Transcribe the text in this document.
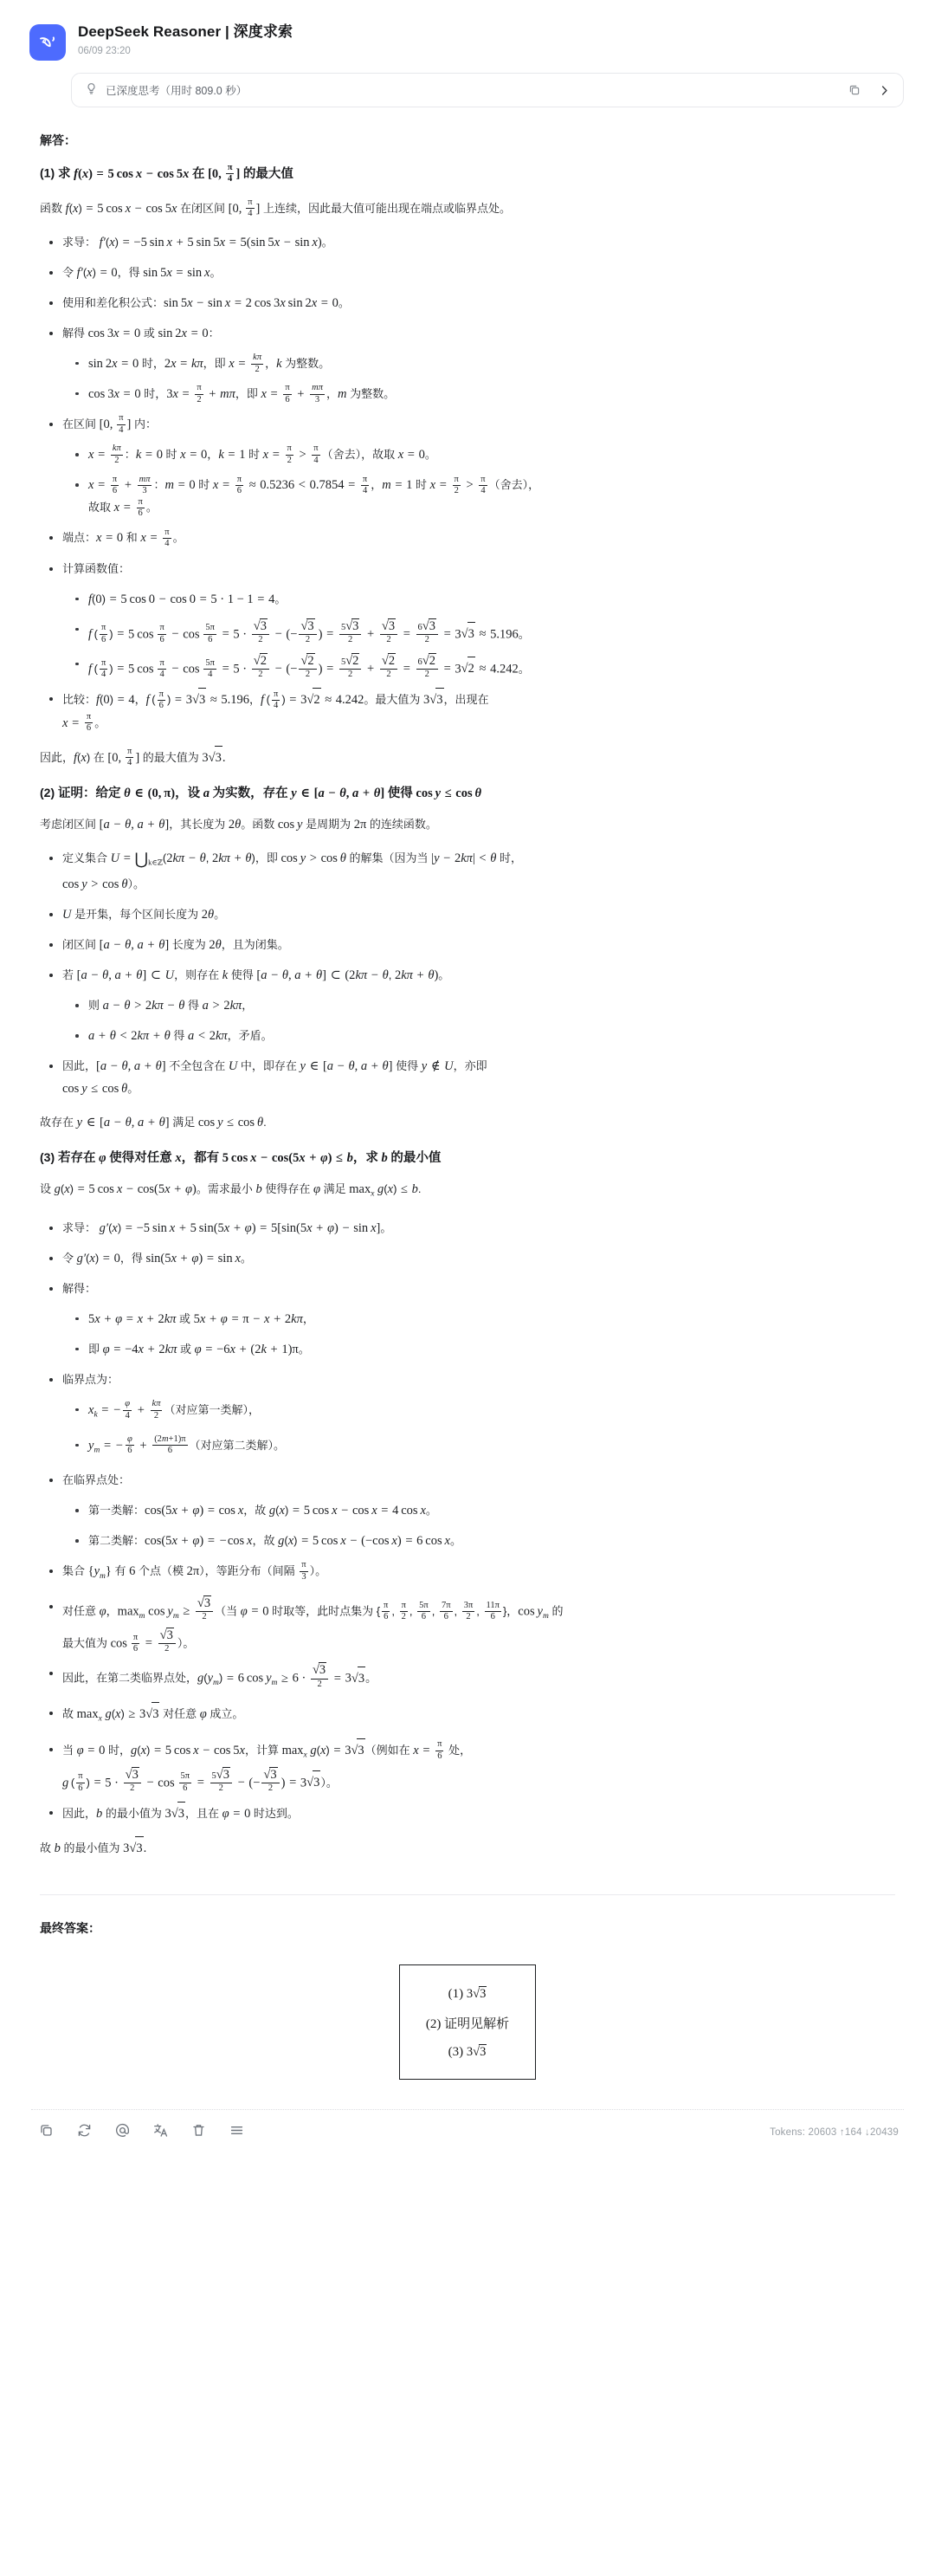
DeepSeek Reasoner | 深度求索
06/09 23:20
已深度思考（用时 809.0 秒）
解答：
(1) 求 f(x) = 5 cos x − cos 5x 在 [0,  $\frac{\pi}{4}$ ] 的最大值
函数 f(x) = 5 cos x − cos 5x 在闭区间 [0,  $\frac{\pi}{4}$ ] 上连续，因此最大值可能出现在端点或临界点处。
求导： f′(x) = −5 sin x + 5 sin 5x = 5(sin 5x − sin x)。
令 f′(x) = 0，得 sin 5x = sin x。
使用和差化积公式：sin 5x − sin x = 2 cos 3x sin 2x = 0。
解得 cos 3x = 0 或 sin 2x = 0：
sin 2x = 0 时，2x = kπ，即 $x = \frac{k\pi}{2}$ ，k 为整数。
cos 3x = 0 时，$3x = \frac{\pi}{2} + m\pi$，即 $x = \frac{\pi}{6} + \frac{m\pi}{3}$ ，m 为整数。
在区间 [0,  $\frac{\pi}{4}$ ] 内：
$x = \frac{k\pi}{2}$ ：k = 0 时 x = 0，k = 1 时 $x = \frac{\pi}{2} > \frac{\pi}{4}$ （舍去），故取 x = 0。
$x = \frac{\pi}{6} + \frac{m\pi}{3}$ ：m = 0 时 $x = \frac{\pi}{6} \approx 0.5236 < 0.7854 = \frac{\pi}{4}$ ，m = 1 时 $x = \frac{\pi}{2} > \frac{\pi}{4}$ （舍去），
故取 $x = \frac{\pi}{6}$ 。
端点：x = 0 和 $x = \frac{\pi}{4}$ 。
计算函数值：
f(0) = 5 cos 0 − cos 0 = 5 · 1 − 1 = 4。
f ( $\frac{\pi}{6}$ ) = 5 $\cos \frac{\pi}{6} - \cos \frac{5\pi}{6} = 5 \cdot \frac{√3}{2}$ − (− $\frac{√3}{2}$ ) = $\frac{5√3}{2} + \frac{√3}{2} = \frac{6√3}{2} = 3√3 \approx 5.196$。
f ( $\frac{\pi}{4}$ ) = 5 $\cos \frac{\pi}{4} - \cos \frac{5\pi}{4} = 5 \cdot \frac{√2}{2}$ − (− $\frac{√2}{2}$ ) = $\frac{5√2}{2} + \frac{√2}{2} = \frac{6√2}{2} = 3√2 \approx 4.242$。
比较：f(0) = 4，f ( $\frac{\pi}{6}$ ) = 3√3 ≈ 5.196，f ( $\frac{\pi}{4}$ ) = 3√2 ≈ 4.242。最大值为 3√3，出现在
$x = \frac{\pi}{6}$ 。
因此，f(x) 在 [0,  $\frac{\pi}{4}$ ] 的最大值为 3√3.
(2) 证明：给定 θ ∈ (0, π)，设 a 为实数，存在 y ∈ [a − θ, a + θ] 使得 cos y ≤ cos θ
考虑闭区间 [a − θ, a + θ]，其长度为 2θ。函数 cos y 是周期为 2π 的连续函数。
定义集合 $U = ⋃_{k\in ℤ}(2k\pi - \theta$, 2kπ + θ)，即 cos y > cos θ 的解集（因为当 |y − 2kπ| < θ 时，
cos y > cos θ）。
U 是开集，每个区间长度为 2θ。
闭区间 [a − θ, a + θ] 长度为 2θ，且为闭集。
若 [a − θ, a + θ] ⊂ U，则存在 k 使得 [a − θ, a + θ] ⊂ (2kπ − θ, 2kπ + θ)。
则 a − θ > 2kπ − θ 得 a > 2kπ，
a + θ < 2kπ + θ 得 a < 2kπ，矛盾。
因此，[a − θ, a + θ] 不全包含在 U 中，即存在 y ∈ [a − θ, a + θ] 使得 y ∉ U，亦即
cos y ≤ cos θ。
故存在 y ∈ [a − θ, a + θ] 满足 cos y ≤ cos θ.
(3) 若存在 φ 使得对任意 x，都有 5 cos x − cos(5x + φ) ≤ b，求 b 的最小值
设 g(x) = 5 cos x − cos(5x + φ)。需求最小 b 使得存在 φ 满足 $\max_x g(x) \le b$.
求导： g′(x) = −5 sin x + 5 sin(5x + φ) = 5[sin(5x + φ) − sin x]。
令 g′(x) = 0，得 sin(5x + φ) = sin x。
解得：
5x + φ = x + 2kπ 或 5x + φ = π − x + 2kπ，
即 φ = −4x + 2kπ 或 φ = −6x + (2k + 1)π。
临界点为：
$x_k$ = − $\frac{\varphi}{4} + \frac{k\pi}{2}$ （对应第一类解），
$y_m$ = − $\frac{\varphi}{6} + \frac{(2m+1)\pi}{6}$ （对应第二类解）。
在临界点处：
第一类解：cos(5x + φ) = cos x，故 g(x) = 5 cos x − cos x = 4 cos x。
第二类解：cos(5x + φ) = −cos x，故 g(x) = 5 cos x − (−cos x) = 6 cos x。
集合 $\{y_m\}$ 有 6 个点（模 2π），等距分布（间隔 $\frac{\pi}{3}$ ）。
对任意 φ，$\max_m \cos y_m \ge \frac{√3}{2}$ （当 φ = 0 时取等，此时点集为 { $\frac{\pi}{6}$ , $\frac{\pi}{2}$ , $\frac{5\pi}{6}$ , $\frac{7\pi}{6}$ , $\frac{3\pi}{2}$ , $\frac{11\pi}{6}$ }，$\cos y_m$ 的
最大值为 $\cos \frac{\pi}{6} = \frac{√3}{2}$ ）。
因此，在第二类临界点处，$g(y_m) = 6$ $\cos y_m \ge 6 \cdot \frac{√3}{2} = 3√3$。
故 $\max_x g(x) \ge 3√3$ 对任意 φ 成立。
当 φ = 0 时，g(x) = 5 cos x − cos 5x，计算 $\max_x g(x) = 3√3$（例如在 $x = \frac{\pi}{6}$ 处，
g ( $\frac{\pi}{6}$ ) = $5 \cdot \frac{√3}{2} - \cos \frac{5\pi}{6} = \frac{5√3}{2}$ − (− $\frac{√3}{2}$ ) = 3√3）。
因此，b 的最小值为 3√3，且在 φ = 0 时达到。
故 b 的最小值为 3√3.
最终答案：
(1) 3√3
(2) 证明见解析
(3) 3√3
Tokens: 20603 ↑164 ↓20439
